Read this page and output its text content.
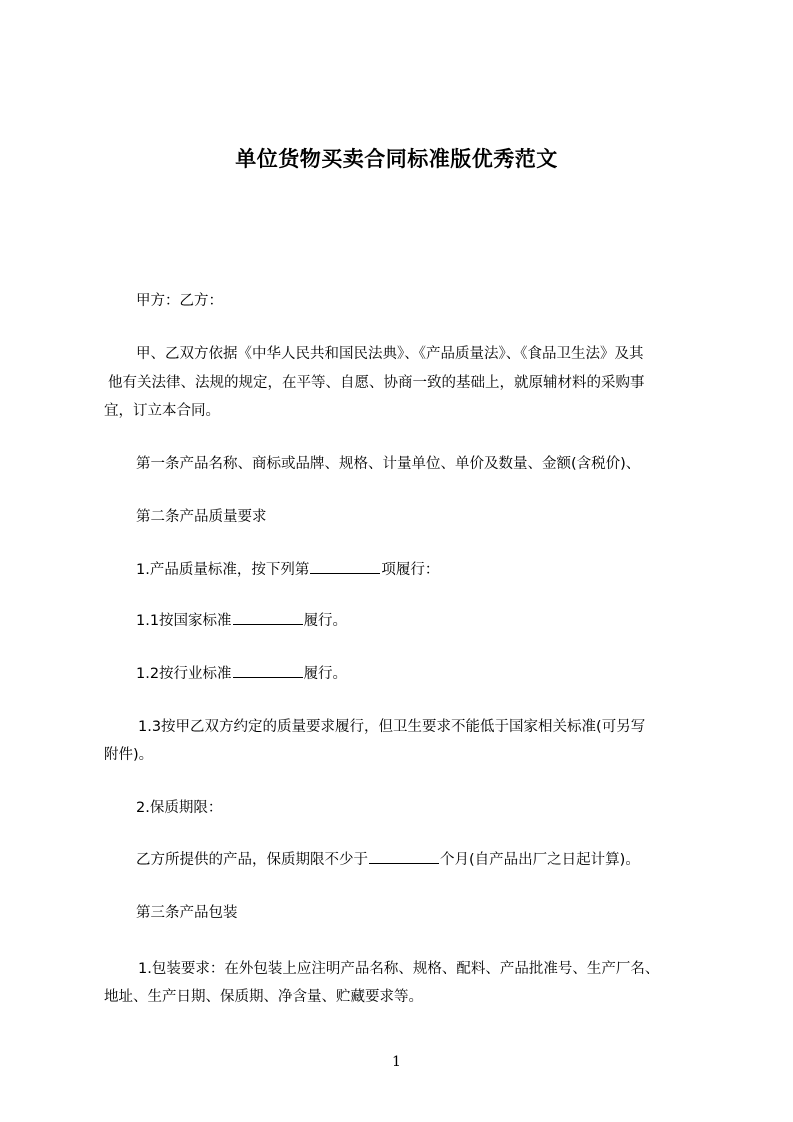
单位货物买卖合同标准版优秀范文
甲方：乙方：
甲、乙双方依据《中华人民共和国民法典》、《产品质量法》、《食品卫生法》及其
他有关法律、法规的规定，在平等、自愿、协商一致的基础上，就原辅材料的采购事
宜，订立本合同。
第一条产品名称、商标或品牌、规格、计量单位、单价及数量、金额(含税价)、
第二条产品质量要求
1.产品质量标准，按下列第	项履行：
1.1按国家标准	履行。
1.2按行业标准	履行。
1.3按甲乙双方约定的质量要求履行，但卫生要求不能低于国家相关标准(可另写
附件)。
2.保质期限：
乙方所提供的产品，保质期限不少于	个月(自产品出厂之日起计算)。
第三条产品包装
1.包装要求：在外包装上应注明产品名称、规格、配料、产品批准号、生产厂名、
地址、生产日期、保质期、净含量、贮藏要求等。
1
